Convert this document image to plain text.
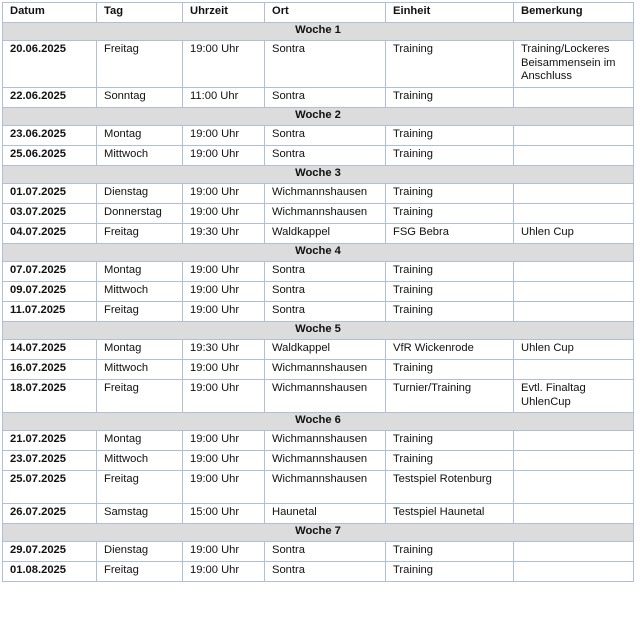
Datum	Tag	Uhrzeit	Ort	Einheit	Bemerkung
Woche 1					
20.06.2025	Freitag	19:00 Uhr	Sontra	Training	Training/Lockeres Beisammensein im Anschluss
22.06.2025	Sonntag	11:00 Uhr	Sontra	Training	
Woche 2					
23.06.2025	Montag	19:00 Uhr	Sontra	Training	
25.06.2025	Mittwoch	19:00 Uhr	Sontra	Training	
Woche 3					
01.07.2025	Dienstag	19:00 Uhr	Wichmannshausen	Training	
03.07.2025	Donnerstag	19:00 Uhr	Wichmannshausen	Training	
04.07.2025	Freitag	19:30 Uhr	Waldkappel	FSG Bebra	Uhlen Cup
Woche 4					
07.07.2025	Montag	19:00 Uhr	Sontra	Training	
09.07.2025	Mittwoch	19:00 Uhr	Sontra	Training	
11.07.2025	Freitag	19:00 Uhr	Sontra	Training	
Woche 5					
14.07.2025	Montag	19:30 Uhr	Waldkappel	VfR Wickenrode	Uhlen Cup
16.07.2025	Mittwoch	19:00 Uhr	Wichmannshausen	Training	
18.07.2025	Freitag	19:00 Uhr	Wichmannshausen	Turnier/Training	Evtl. Finaltag UhlenCup
Woche 6					
21.07.2025	Montag	19:00 Uhr	Wichmannshausen	Training	
23.07.2025	Mittwoch	19:00 Uhr	Wichmannshausen	Training	
25.07.2025	Freitag	19:00 Uhr	Wichmannshausen	Testspiel Rotenburg	
26.07.2025	Samstag	15:00 Uhr	Haunetal	Testspiel Haunetal	
Woche 7					
29.07.2025	Dienstag	19:00 Uhr	Sontra	Training	
01.08.2025	Freitag	19:00 Uhr	Sontra	Training	
